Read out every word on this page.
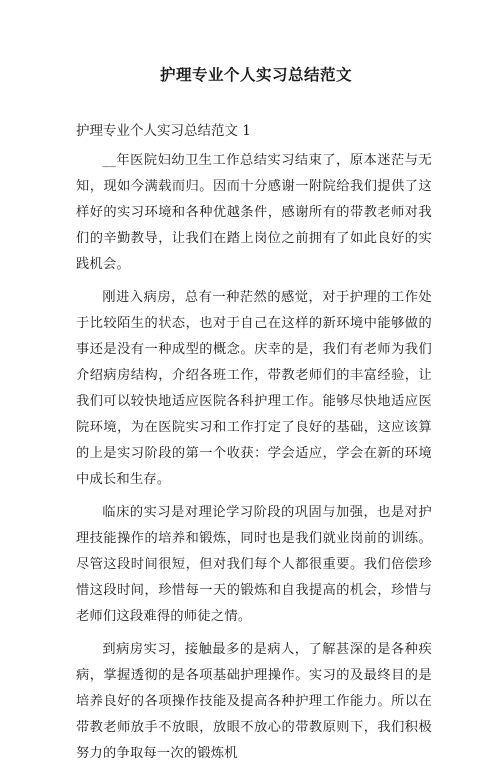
护理专业个人实习总结范文
护理专业个人实习总结范文 1

__年医院妇幼卫生工作总结实习结束了，原本迷茫与无知，现如今满载而归。因而十分感谢一附院给我们提供了这样好的实习环境和各种优越条件，感谢所有的带教老师对我们的辛勤教导，让我们在踏上岗位之前拥有了如此良好的实践机会。

刚进入病房，总有一种茫然的感觉，对于护理的工作处于比较陌生的状态，也对于自己在这样的新环境中能够做的事还是没有一种成型的概念。庆幸的是，我们有老师为我们介绍病房结构，介绍各班工作，带教老师们的丰富经验，让我们可以较快地适应医院各科护理工作。能够尽快地适应医院环境，为在医院实习和工作打定了良好的基础，这应该算的上是实习阶段的第一个收获：学会适应，学会在新的环境中成长和生存。

临床的实习是对理论学习阶段的巩固与加强，也是对护理技能操作的培养和锻炼，同时也是我们就业岗前的训练。尽管这段时间很短，但对我们每个人都很重要。我们倍偿珍惜这段时间，珍惜每一天的锻炼和自我提高的机会，珍惜与老师们这段难得的师徒之情。

到病房实习，接触最多的是病人，了解甚深的是各种疾病，掌握透彻的是各项基础护理操作。实习的及最终目的是培养良好的各项操作技能及提高各种护理工作能力。所以在带教老师放手不放眼，放眼不放心的带教原则下，我们积极努力的争取每一次的锻炼机
